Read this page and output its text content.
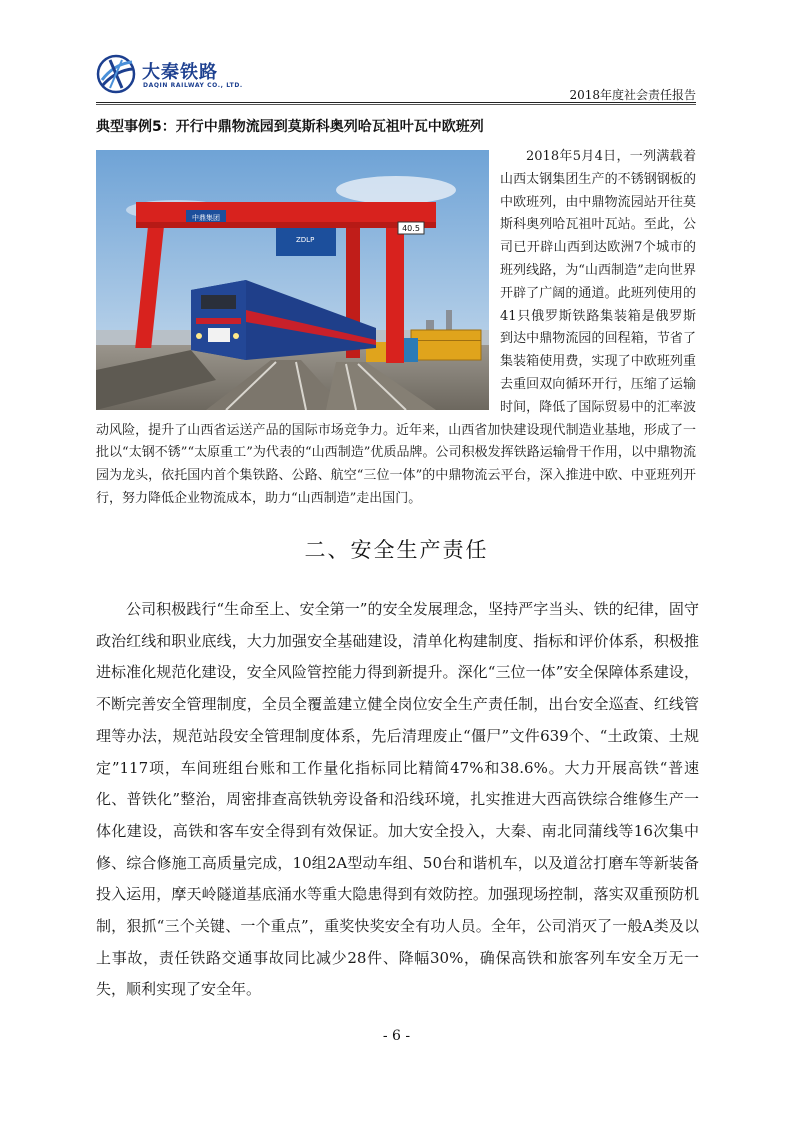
大秦铁路
DAQIN RAILWAY CO., LTD.
2018年度社会责任报告
典型事例5：开行中鼎物流园到莫斯科奥列哈瓦祖叶瓦中欧班列

2018年5月4日，一列满载着山西太钢集团生产的不锈钢钢板的中欧班列，由中鼎物流园站开往莫斯科奥列哈瓦祖叶瓦站。至此，公司已开辟山西到达欧洲7个城市的班列线路，为“山西制造”走向世界开辟了广阔的通道。此班列使用的41只俄罗斯铁路集装箱是俄罗斯到达中鼎物流园的回程箱，节省了集装箱使用费，实现了中欧班列重去重回双向循环开行，压缩了运输时间，降低了国际贸易中的汇率波动风险，提升了山西省运送产品的国际市场竞争力。近年来，山西省加快建设现代制造业基地，形成了一批以“太钢不锈”“太原重工”为代表的“山西制造”优质品牌。公司积极发挥铁路运输骨干作用，以中鼎物流园为龙头，依托国内首个集铁路、公路、航空“三位一体”的中鼎物流云平台，深入推进中欧、中亚班列开行，努力降低企业物流成本，助力“山西制造”走出国门。

中鼎集团
ZDLP
40.5
二、安全生产责任

公司积极践行“生命至上、安全第一”的安全发展理念，坚持严字当头、铁的纪律，固守政治红线和职业底线，大力加强安全基础建设，清单化构建制度、指标和评价体系，积极推进标准化规范化建设，安全风险管控能力得到新提升。深化“三位一体”安全保障体系建设，不断完善安全管理制度，全员全覆盖建立健全岗位安全生产责任制，出台安全巡查、红线管理等办法，规范站段安全管理制度体系，先后清理废止“僵尸”文件639个、“土政策、土规定”117项，车间班组台账和工作量化指标同比精简47%和38.6%。大力开展高铁“普速化、普铁化”整治，周密排查高铁轨旁设备和沿线环境，扎实推进大西高铁综合维修生产一体化建设，高铁和客车安全得到有效保证。加大安全投入，大秦、南北同蒲线等16次集中修、综合修施工高质量完成，10组2A型动车组、50台和谐机车，以及道岔打磨车等新装备投入运用，摩天岭隧道基底涌水等重大隐患得到有效防控。加强现场控制，落实双重预防机制，狠抓“三个关键、一个重点”，重奖快奖安全有功人员。全年，公司消灭了一般A类及以上事故，责任铁路交通事故同比减少28件、降幅30%，确保高铁和旅客列车安全万无一失，顺利实现了安全年。

- 6 -
